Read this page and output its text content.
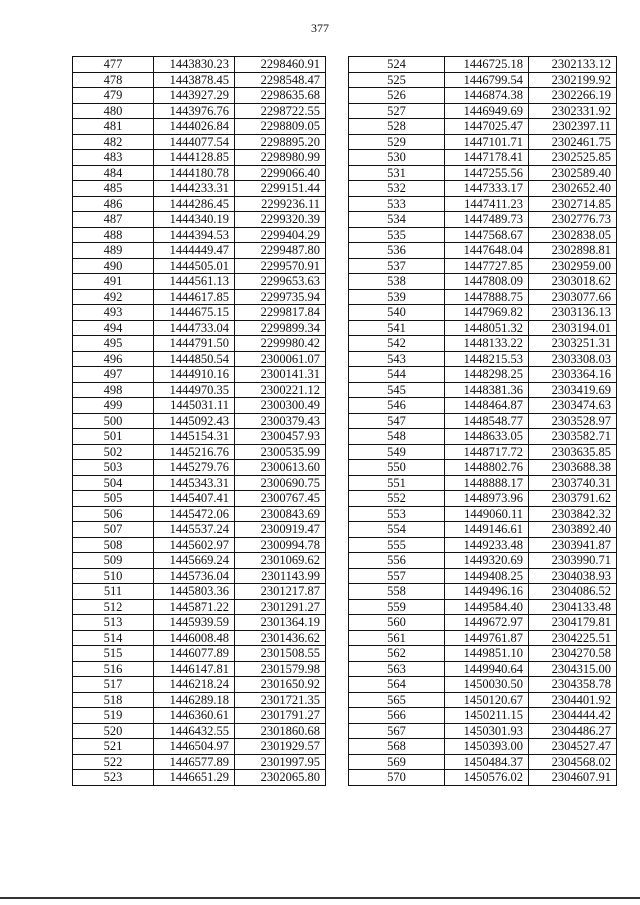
377
477	1443830.23	2298460.91
478	1443878.45	2298548.47
479	1443927.29	2298635.68
480	1443976.76	2298722.55
481	1444026.84	2298809.05
482	1444077.54	2298895.20
483	1444128.85	2298980.99
484	1444180.78	2299066.40
485	1444233.31	2299151.44
486	1444286.45	2299236.11
487	1444340.19	2299320.39
488	1444394.53	2299404.29
489	1444449.47	2299487.80
490	1444505.01	2299570.91
491	1444561.13	2299653.63
492	1444617.85	2299735.94
493	1444675.15	2299817.84
494	1444733.04	2299899.34
495	1444791.50	2299980.42
496	1444850.54	2300061.07
497	1444910.16	2300141.31
498	1444970.35	2300221.12
499	1445031.11	2300300.49
500	1445092.43	2300379.43
501	1445154.31	2300457.93
502	1445216.76	2300535.99
503	1445279.76	2300613.60
504	1445343.31	2300690.75
505	1445407.41	2300767.45
506	1445472.06	2300843.69
507	1445537.24	2300919.47
508	1445602.97	2300994.78
509	1445669.24	2301069.62
510	1445736.04	2301143.99
511	1445803.36	2301217.87
512	1445871.22	2301291.27
513	1445939.59	2301364.19
514	1446008.48	2301436.62
515	1446077.89	2301508.55
516	1446147.81	2301579.98
517	1446218.24	2301650.92
518	1446289.18	2301721.35
519	1446360.61	2301791.27
520	1446432.55	2301860.68
521	1446504.97	2301929.57
522	1446577.89	2301997.95
523	1446651.29	2302065.80
524	1446725.18	2302133.12
525	1446799.54	2302199.92
526	1446874.38	2302266.19
527	1446949.69	2302331.92
528	1447025.47	2302397.11
529	1447101.71	2302461.75
530	1447178.41	2302525.85
531	1447255.56	2302589.40
532	1447333.17	2302652.40
533	1447411.23	2302714.85
534	1447489.73	2302776.73
535	1447568.67	2302838.05
536	1447648.04	2302898.81
537	1447727.85	2302959.00
538	1447808.09	2303018.62
539	1447888.75	2303077.66
540	1447969.82	2303136.13
541	1448051.32	2303194.01
542	1448133.22	2303251.31
543	1448215.53	2303308.03
544	1448298.25	2303364.16
545	1448381.36	2303419.69
546	1448464.87	2303474.63
547	1448548.77	2303528.97
548	1448633.05	2303582.71
549	1448717.72	2303635.85
550	1448802.76	2303688.38
551	1448888.17	2303740.31
552	1448973.96	2303791.62
553	1449060.11	2303842.32
554	1449146.61	2303892.40
555	1449233.48	2303941.87
556	1449320.69	2303990.71
557	1449408.25	2304038.93
558	1449496.16	2304086.52
559	1449584.40	2304133.48
560	1449672.97	2304179.81
561	1449761.87	2304225.51
562	1449851.10	2304270.58
563	1449940.64	2304315.00
564	1450030.50	2304358.78
565	1450120.67	2304401.92
566	1450211.15	2304444.42
567	1450301.93	2304486.27
568	1450393.00	2304527.47
569	1450484.37	2304568.02
570	1450576.02	2304607.91
